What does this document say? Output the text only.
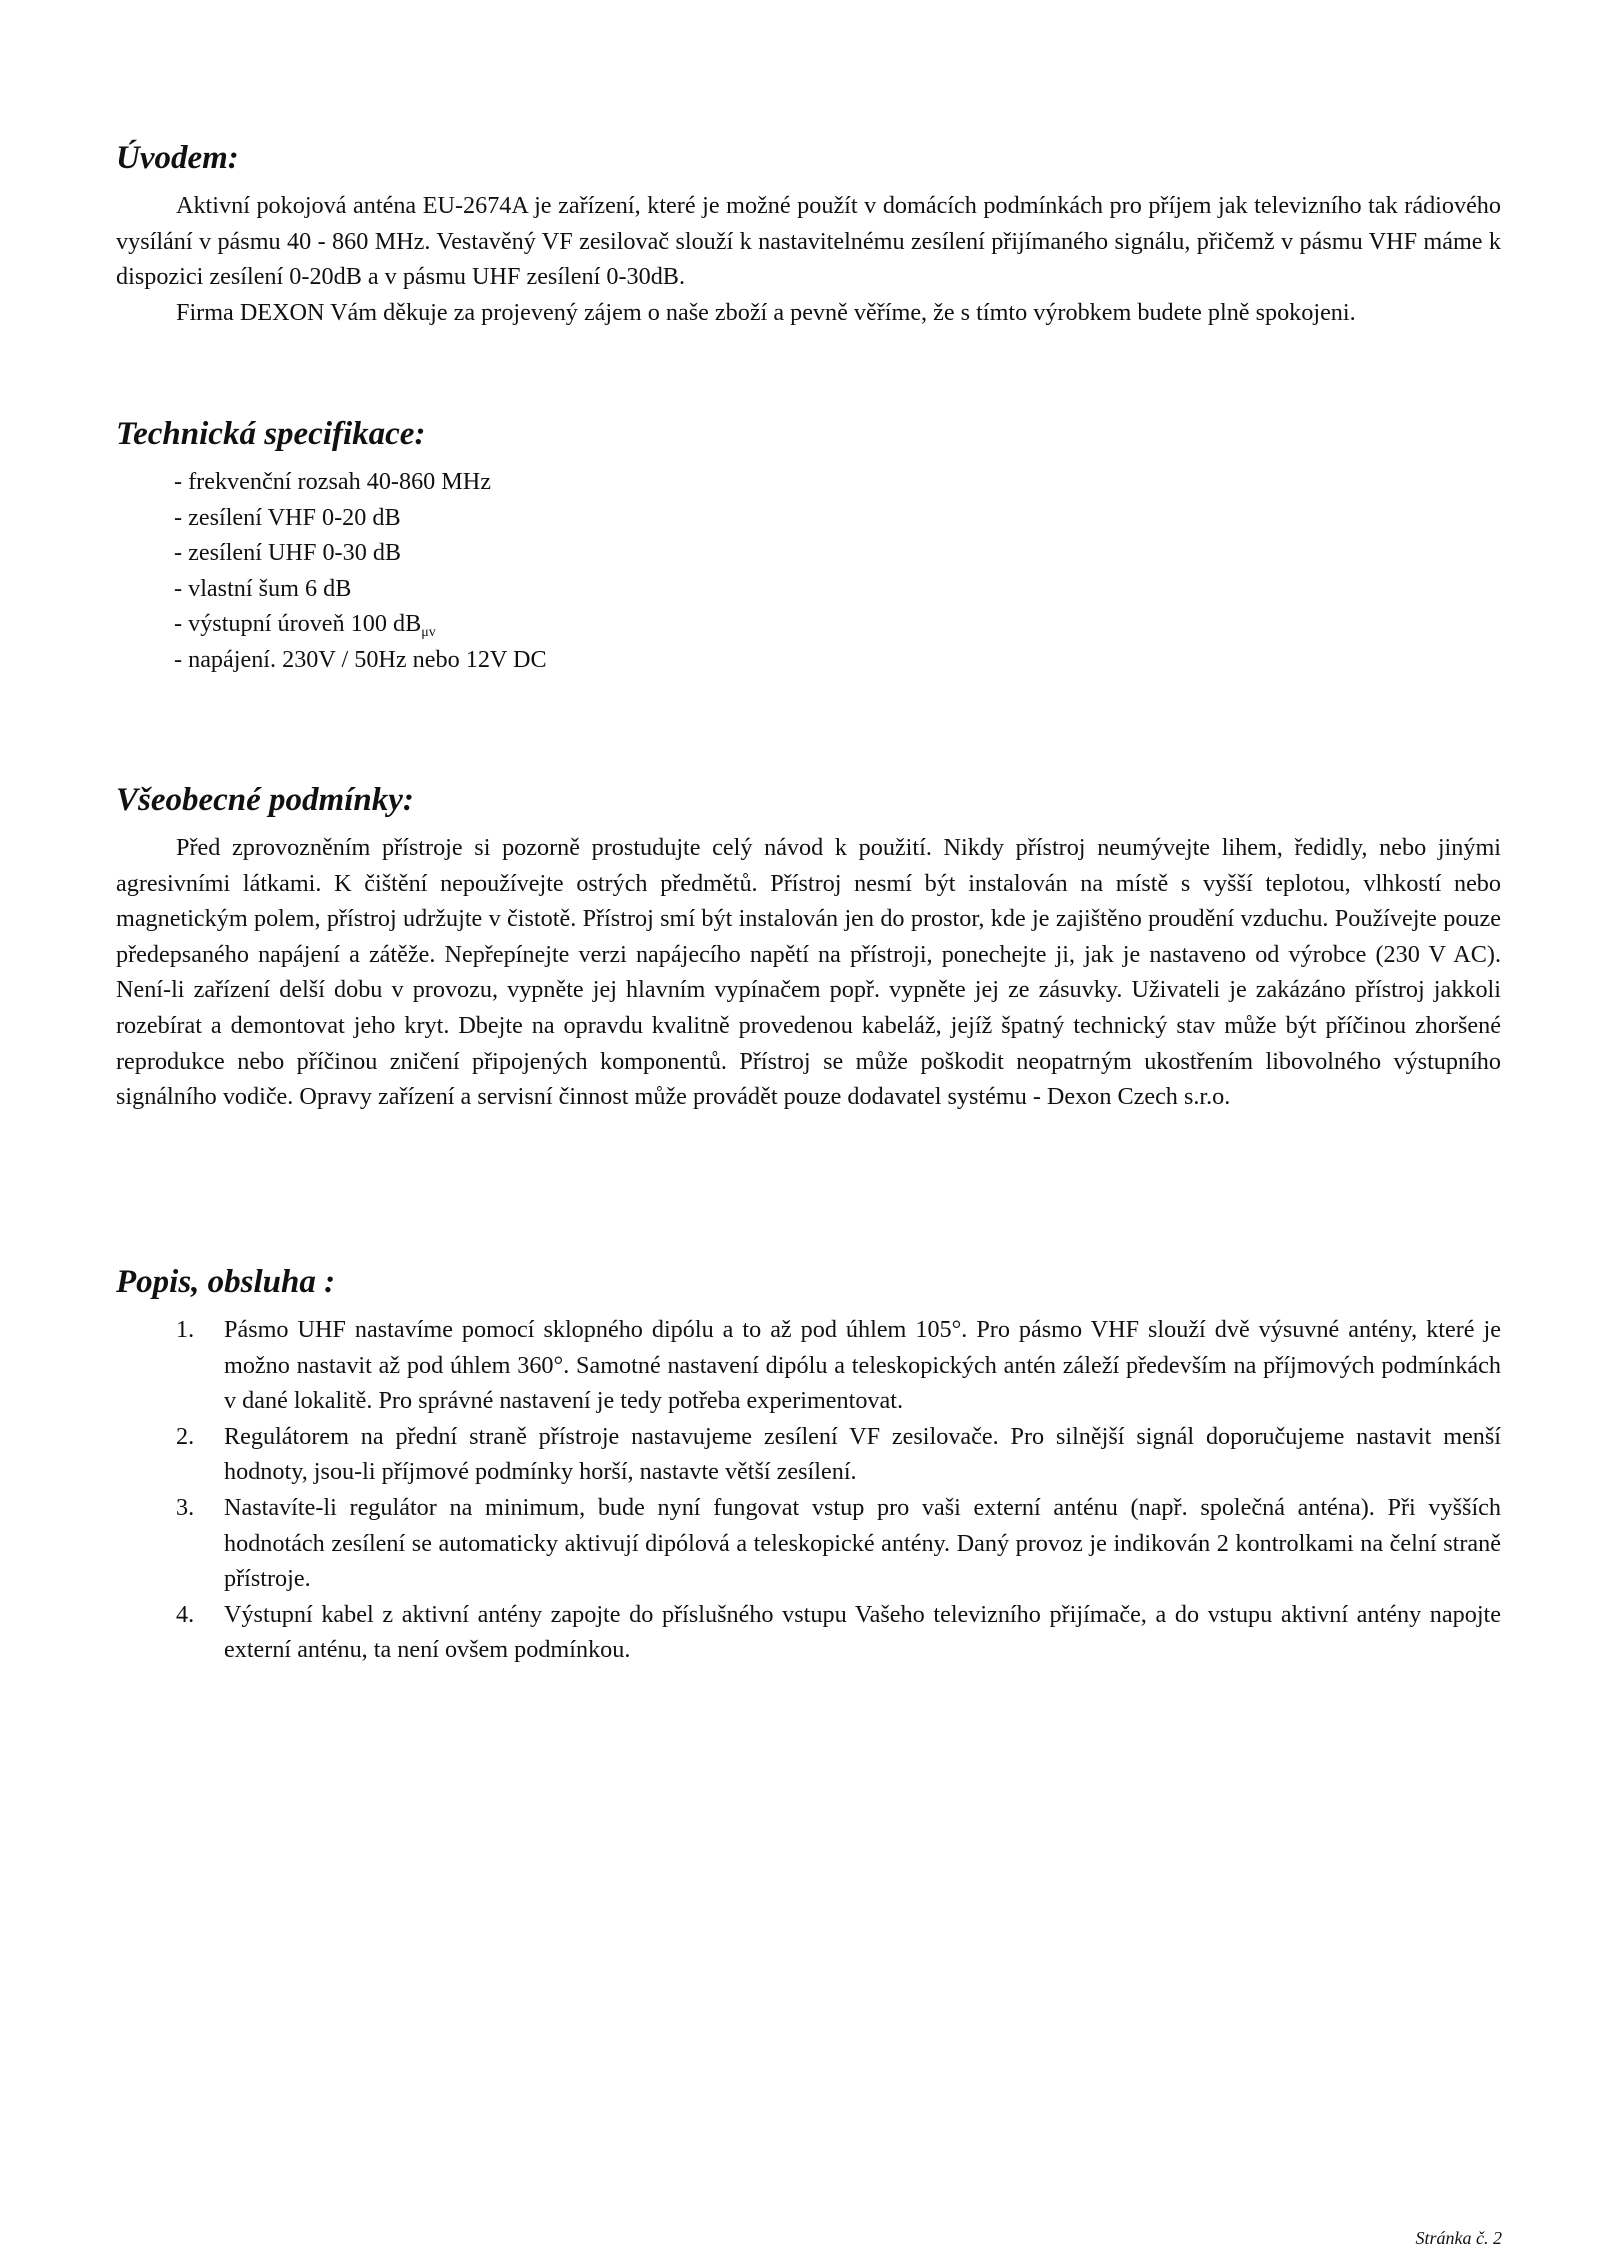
Úvodem:

Aktivní pokojová anténa EU-2674A je zařízení, které je možné použít v domácích podmínkách pro příjem jak televizního tak rádiového vysílání v pásmu 40 - 860 MHz. Vestavěný VF zesilovač slouží k nastavitelnému zesílení přijímaného signálu, přičemž v pásmu VHF máme k dispozici zesílení 0-20dB a v pásmu UHF zesílení 0-30dB.

Firma DEXON Vám děkuje za projevený zájem o naše zboží a pevně věříme, že s tímto výrobkem budete plně spokojeni.

Technická specifikace:
- frekvenční rozsah 40-860 MHz
- zesílení VHF 0-20 dB
- zesílení UHF 0-30 dB
- vlastní šum 6 dB
- výstupní úroveň 100 $dB_{\mu v}$
- napájení. 230V / 50Hz nebo 12V DC
Všeobecné podmínky:

Před zprovozněním přístroje si pozorně prostudujte celý návod k použití. Nikdy přístroj neumývejte lihem, ředidly, nebo jinými agresivními látkami. K čištění nepoužívejte ostrých předmětů. Přístroj nesmí být instalován na místě s vyšší teplotou, vlhkostí nebo magnetickým polem, přístroj udržujte v čistotě. Přístroj smí být instalován jen do prostor, kde je zajištěno proudění vzduchu. Používejte pouze předepsaného napájení a zátěže. Nepřepínejte verzi napájecího napětí na přístroji, ponechejte ji, jak je nastaveno od výrobce (230 V AC). Není-li zařízení delší dobu v provozu, vypněte jej hlavním vypínačem popř. vypněte jej ze zásuvky. Uživateli je zakázáno přístroj jakkoli rozebírat a demontovat jeho kryt. Dbejte na opravdu kvalitně provedenou kabeláž, jejíž špatný technický stav může být příčinou zhoršené reprodukce nebo příčinou zničení připojených komponentů. Přístroj se může poškodit neopatrným ukostřením libovolného výstupního signálního vodiče. Opravy zařízení a servisní činnost může provádět pouze dodavatel systému - Dexon Czech s.r.o.

Popis, obsluha :
1.	Pásmo UHF nastavíme pomocí sklopného dipólu a to až pod úhlem 105°. Pro pásmo VHF slouží dvě výsuvné antény, které je možno nastavit až pod úhlem 360°. Samotné nastavení dipólu a teleskopických antén záleží především na příjmových podmínkách v dané lokalitě. Pro správné nastavení je tedy potřeba experimentovat.
2.	Regulátorem na přední straně přístroje nastavujeme zesílení VF zesilovače. Pro silnější signál doporučujeme nastavit menší hodnoty, jsou-li příjmové podmínky horší, nastavte větší zesílení.
3.	Nastavíte-li regulátor na minimum, bude nyní fungovat vstup pro vaši externí anténu (např. společná anténa). Při vyšších hodnotách zesílení se automaticky aktivují dipólová a teleskopické antény. Daný provoz je indikován 2 kontrolkami na čelní straně přístroje.
4.	Výstupní kabel z aktivní antény zapojte do příslušného vstupu Vašeho televizního přijímače, a do vstupu aktivní antény napojte externí anténu, ta není ovšem podmínkou.
Stránka č. 2
